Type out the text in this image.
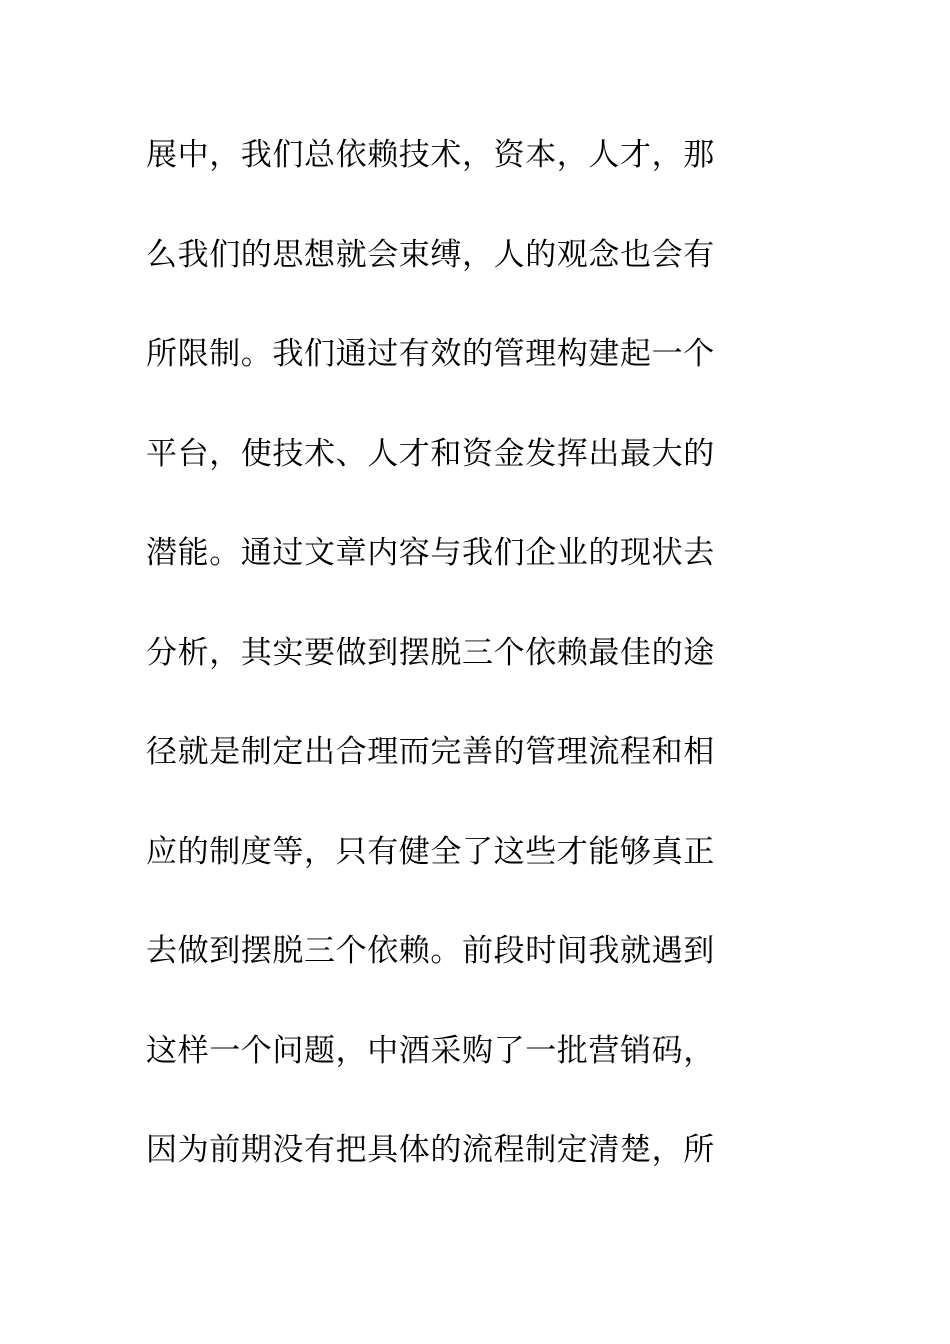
展中，我们总依赖技术，资本，人才，那
么我们的思想就会束缚，人的观念也会有
所限制。我们通过有效的管理构建起一个
平台，使技术、人才和资金发挥出最大的
潜能。通过文章内容与我们企业的现状去
分析，其实要做到摆脱三个依赖最佳的途
径就是制定出合理而完善的管理流程和相
应的制度等，只有健全了这些才能够真正
去做到摆脱三个依赖。前段时间我就遇到
这样一个问题，中酒采购了一批营销码，
因为前期没有把具体的流程制定清楚，所
